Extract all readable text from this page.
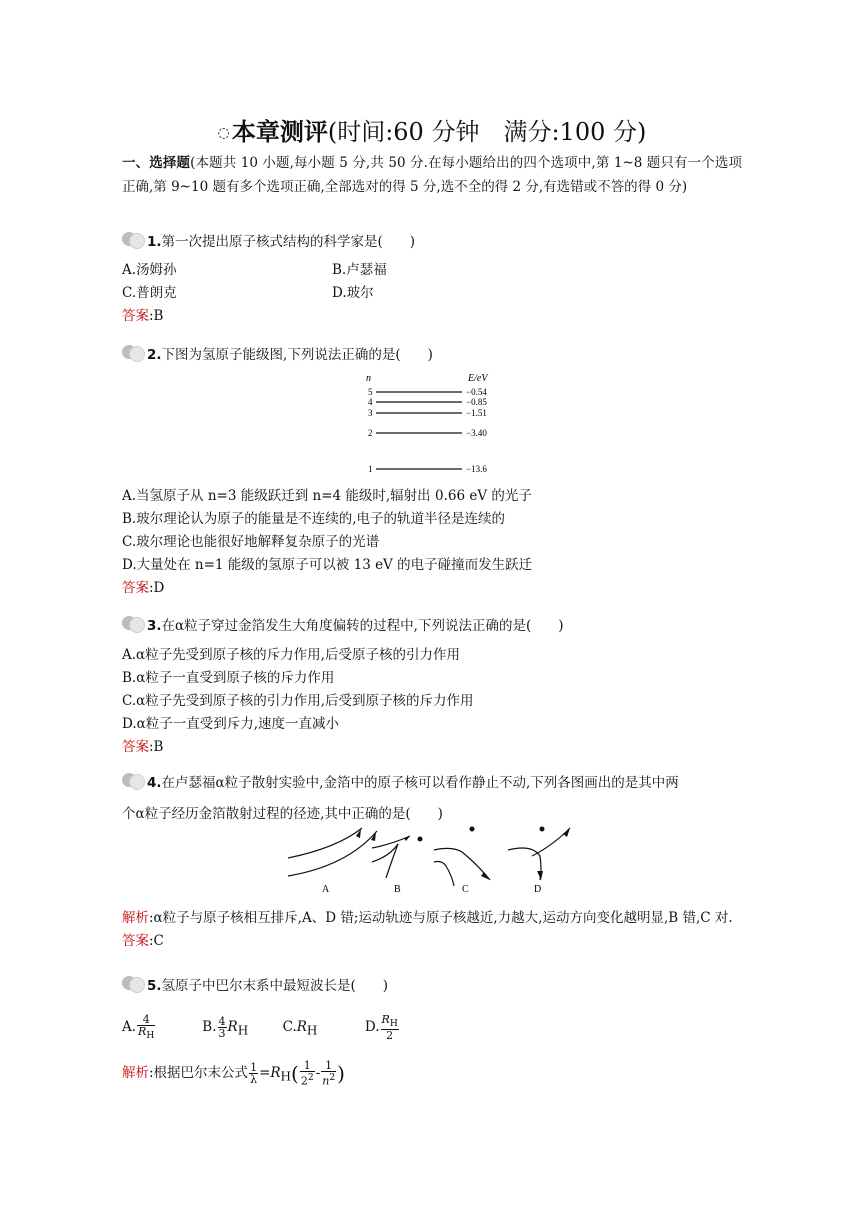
◌本章测评(时间:60 分钟　满分:100 分)
一、选择题(本题共 10 小题,每小题 5 分,共 50 分.在每小题给出的四个选项中,第 1~8 题只有一个选项正确,第 9~10 题有多个选项正确,全部选对的得 5 分,选不全的得 2 分,有选错或不答的得 0 分)
1.第一次提出原子核式结构的科学家是(　　)
A.汤姆孙	B.卢瑟福
C.普朗克	D.玻尔
答案:B
2.下图为氢原子能级图,下列说法正确的是(　　)
n	E/eV
5	−0.54
4	−0.85
3	−1.51
2	−3.40
1	−13.6
A.当氢原子从 n=3 能级跃迁到 n=4 能级时,辐射出 0.66 eV 的光子
B.玻尔理论认为原子的能量是不连续的,电子的轨道半径是连续的
C.玻尔理论也能很好地解释复杂原子的光谱
D.大量处在 n=1 能级的氢原子可以被 13 eV 的电子碰撞而发生跃迁
答案:D
3.在α粒子穿过金箔发生大角度偏转的过程中,下列说法正确的是(　　)
A.α粒子先受到原子核的斥力作用,后受原子核的引力作用
B.α粒子一直受到原子核的斥力作用
C.α粒子先受到原子核的引力作用,后受到原子核的斥力作用
D.α粒子一直受到斥力,速度一直减小
答案:B
4.在卢瑟福α粒子散射实验中,金箔中的原子核可以看作静止不动,下列各图画出的是其中两
个α粒子经历金箔散射过程的径迹,其中正确的是(　　)
A	B	C	D
解析:α粒子与原子核相互排斥,A、D 错;运动轨迹与原子核越近,力越大,运动方向变化越明显,B 错,C 对.
答案:C
5.氢原子中巴尔末系中最短波长是(　　)
A. $\frac{4}{R_H}$	B. $\frac{4}{3} R_H$	$C.R_H$	D. $\frac{R_H}{2}$
解析:根据巴尔末公式 $\frac{1}{\lambda} =R_H( \frac{1}{2^2} - \frac{1}{n^2}$ )
